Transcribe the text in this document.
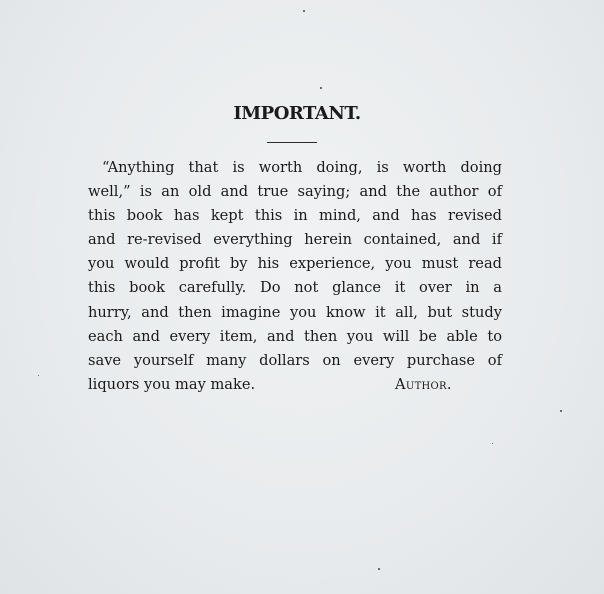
IMPORTANT.
“Anything that is worth doing, is worth doing
well,” is an old and true saying; and the author of
this book has kept this in mind, and has revised
and re-revised everything herein contained, and if
you would profit by his experience, you must read
this book carefully. Do not glance it over in a
hurry, and then imagine you know it all, but study
each and every item, and then you will be able to
save yourself many dollars on every purchase of
liquors you may make.	Author.
